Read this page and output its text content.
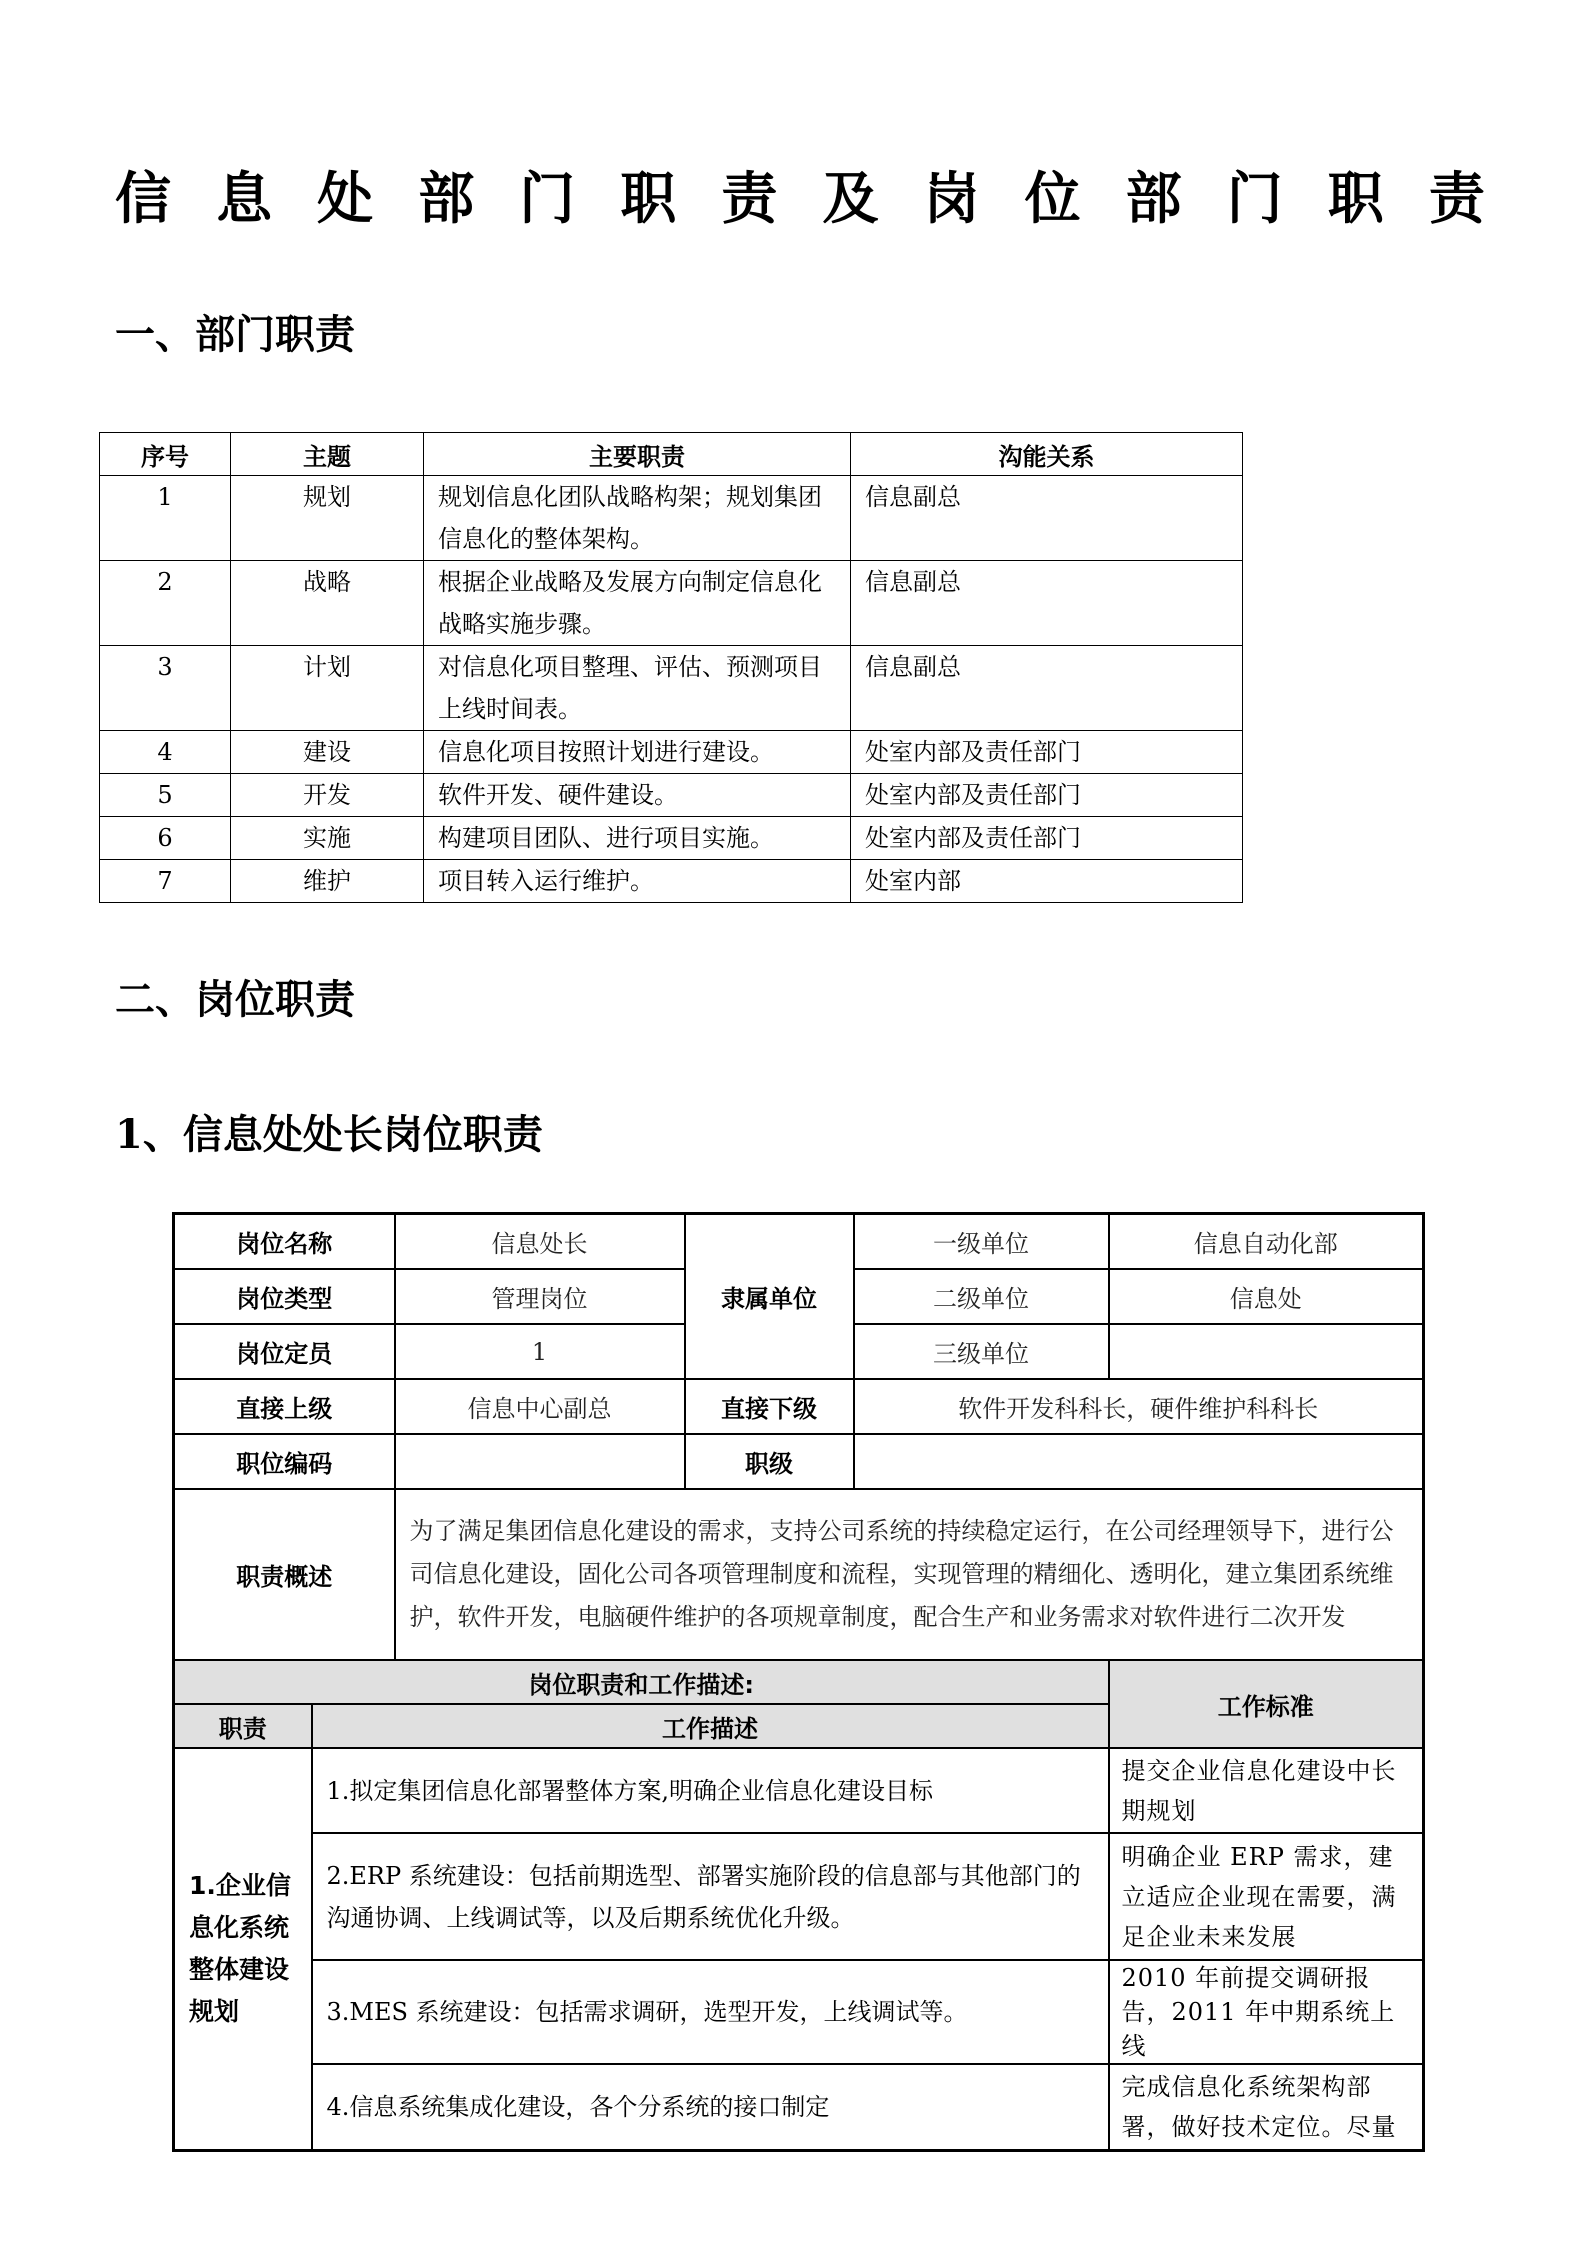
信 息 处 部 门 职 责 及 岗 位 部 门 职 责
一、部门职责
序号	主题	主要职责	沟能关系
1	规划	规划信息化团队战略构架；规划集团信息化的整体架构。	信息副总
2	战略	根据企业战略及发展方向制定信息化战略实施步骤。	信息副总
3	计划	对信息化项目整理、评估、预测项目上线时间表。	信息副总
4	建设	信息化项目按照计划进行建设。	处室内部及责任部门
5	开发	软件开发、硬件建设。	处室内部及责任部门
6	实施	构建项目团队、进行项目实施。	处室内部及责任部门
7	维护	项目转入运行维护。	处室内部
二、岗位职责
1、信息处处长岗位职责
岗位名称		信息处长	隶属单位	一级单位	信息自动化部
岗位类型		管理岗位		二级单位	信息处
岗位定员		1		三级单位	
直接上级		信息中心副总	直接下级	软件开发科科长，硬件维护科科长	
职位编码			职级		
职责概述		为了满足集团信息化建设的需求，支持公司系统的持续稳定运行，在公司经理领导下，进行公司信息化建设，固化公司各项管理制度和流程，实现管理的精细化、透明化，建立集团系统维护，软件开发，电脑硬件维护的各项规章制度，配合生产和业务需求对软件进行二次开发			
岗位职责和工作描述:					工作标准
职责	工作描述				
1.企业信息化系统整体建设规划	1.拟定集团信息化部署整体方案,明确企业信息化建设目标				提交企业信息化建设中长期规划
	2.ERP 系统建设：包括前期选型、部署实施阶段的信息部与其他部门的沟通协调、上线调试等，以及后期系统优化升级。				明确企业 ERP 需求，建立适应企业现在需要，满足企业未来发展
	3.MES 系统建设：包括需求调研，选型开发，上线调试等。				2010 年前提交调研报告，2011 年中期系统上线
	4.信息系统集成化建设，各个分系统的接口制定				完成信息化系统架构部署，做好技术定位。尽量
